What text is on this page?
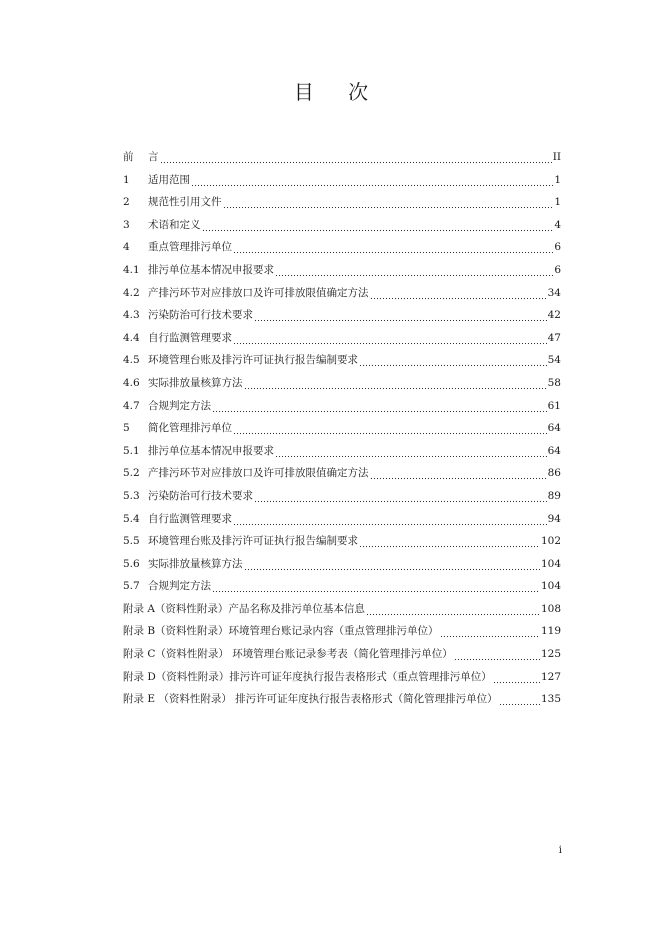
目 次
前	言	II
1	适用范围	1
2	规范性引用文件	1
3	术语和定义	4
4	重点管理排污单位	6
4.1 排污单位基本情况申报要求	6
4.2 产排污环节对应排放口及许可排放限值确定方法	34
4.3 污染防治可行技术要求	42
4.4 自行监测管理要求	47
4.5 环境管理台账及排污许可证执行报告编制要求	54
4.6 实际排放量核算方法	58
4.7 合规判定方法	61
5	简化管理排污单位	64
5.1 排污单位基本情况申报要求	64
5.2 产排污环节对应排放口及许可排放限值确定方法	86
5.3 污染防治可行技术要求	89
5.4 自行监测管理要求	94
5.5 环境管理台账及排污许可证执行报告编制要求	102
5.6 实际排放量核算方法	104
5.7 合规判定方法	104
附录 A（资料性附录）产品名称及排污单位基本信息	108
附录 B（资料性附录）环境管理台账记录内容（重点管理排污单位）	119
附录 C（资料性附录） 环境管理台账记录参考表（简化管理排污单位）	125
附录 D（资料性附录）排污许可证年度执行报告表格形式（重点管理排污单位）	127
附录 E （资料性附录） 排污许可证年度执行报告表格形式（简化管理排污单位）	135
i
